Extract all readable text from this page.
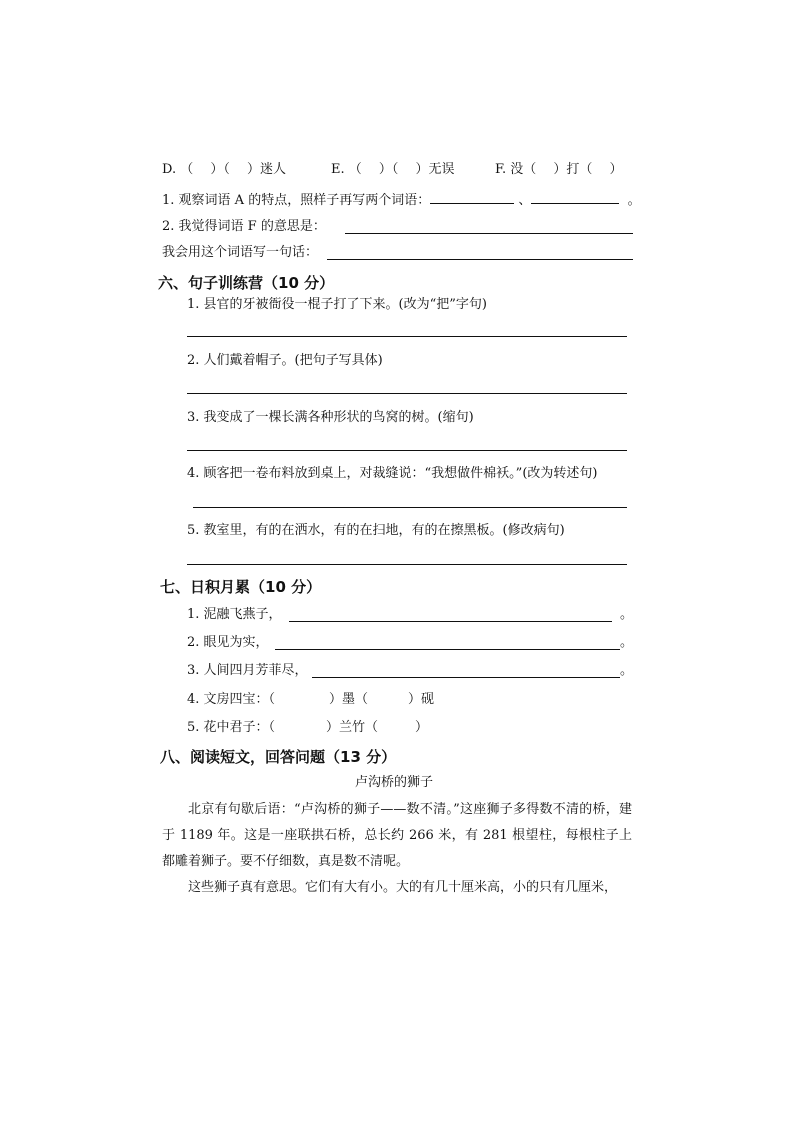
D. （　 ）（　 ）迷人	E. （　 ）（　 ）无误	F. 没（　 ）打（　 ）
1. 观察词语 A 的特点，照样子再写两个词语：	、	。
2. 我觉得词语 F 的意思是：
我会用这个词语写一句话：
六、句子训练营（10 分）
1. 县官的牙被衙役一棍子打了下来。(改为“把”字句)
2. 人们戴着帽子。(把句子写具体)
3. 我变成了一棵长满各种形状的鸟窝的树。(缩句)
4. 顾客把一卷布料放到桌上，对裁缝说：“我想做件棉袄。”(改为转述句)
5. 教室里，有的在洒水，有的在扫地，有的在擦黑板。(修改病句)
七、日积月累（10 分）
1. 泥融飞燕子，	。
2. 眼见为实，	。
3. 人间四月芳菲尽，	。
4. 文房四宝：（	）墨（	）砚
5. 花中君子：（	）兰竹（	）
八、阅读短文，回答问题（13 分）
卢沟桥的狮子

北京有句歇后语：“卢沟桥的狮子——数不清。”这座狮子多得数不清的桥，建于 1189 年。这是一座联拱石桥，总长约 266 米，有 281 根望柱，每根柱子上都雕着狮子。要不仔细数，真是数不清呢。

这些狮子真有意思。它们有大有小。大的有几十厘米高，小的只有几厘米，
